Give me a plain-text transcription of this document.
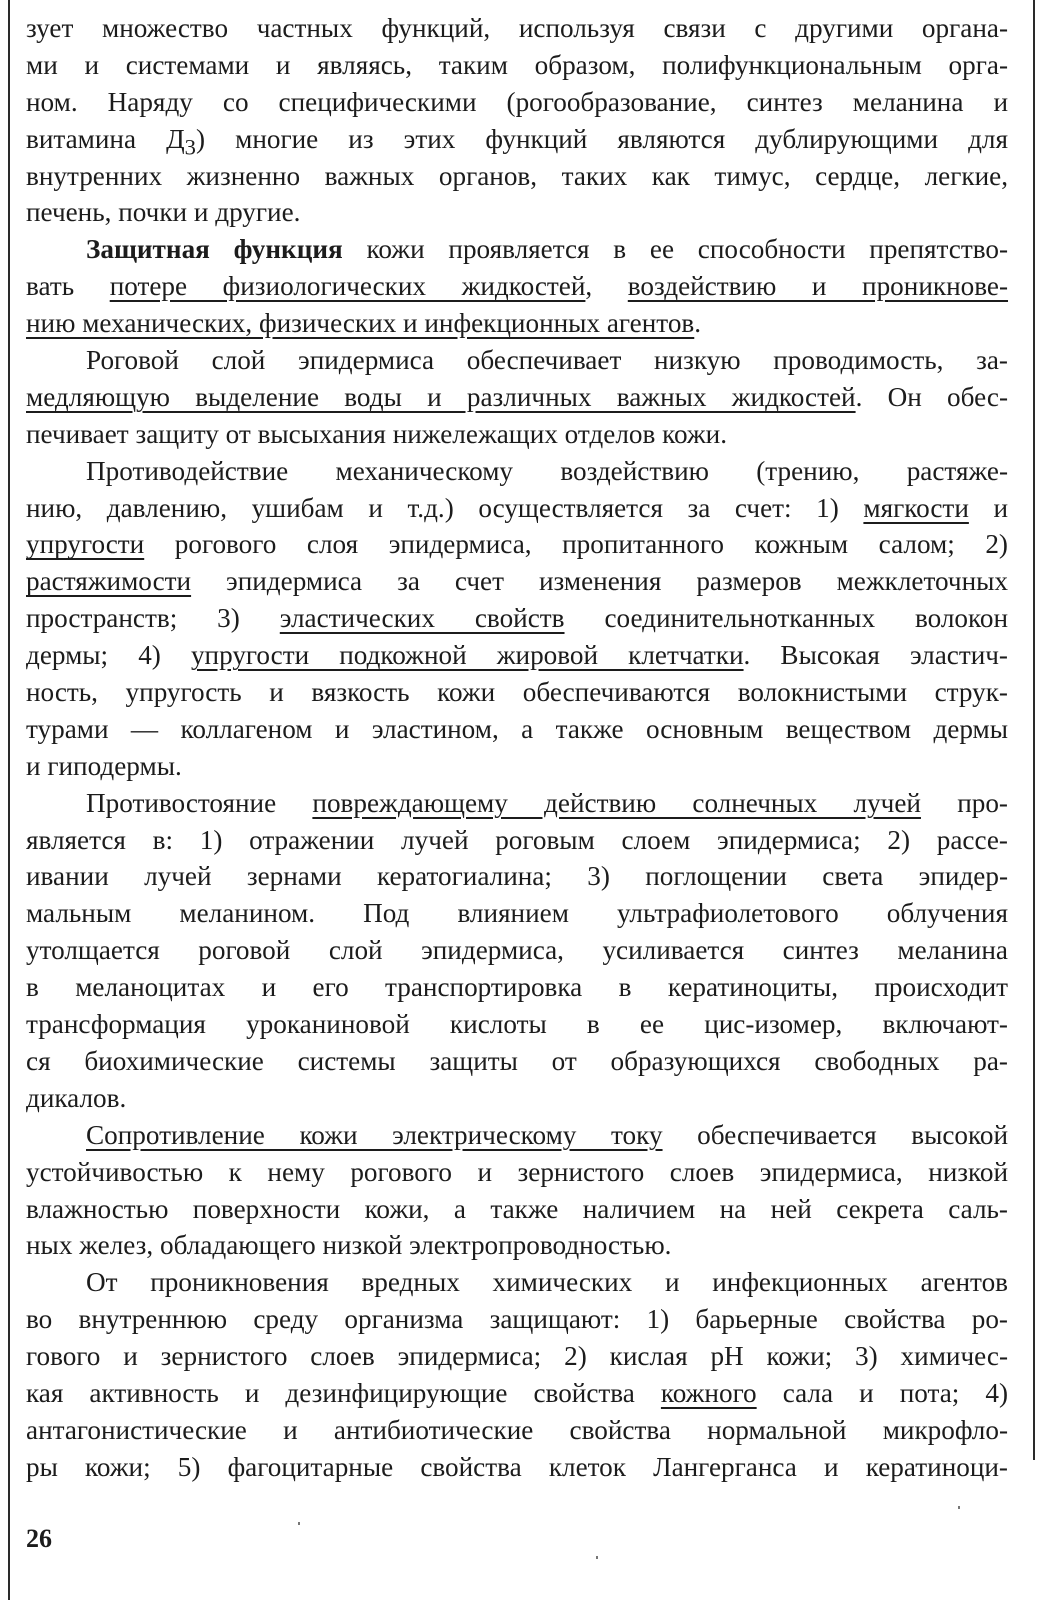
зует множество частных функций, используя связи с другими органа-
ми и системами и являясь, таким образом, полифункциональным орга-
ном. Наряду со специфическими (рогообразование, синтез меланина и
витамина $Д_3$) многие из этих функций являются дублирующими для
внутренних жизненно важных органов, таких как тимус, сердце, легкие,
печень, почки и другие.
Защитная функция кожи проявляется в ее способности препятство-
вать потере физиологических жидкостей, воздействию и проникнове-
нию механических, физических и инфекционных агентов.
Роговой слой эпидермиса обеспечивает низкую проводимость, за-
медляющую выделение воды и различных важных жидкостей. Он обес-
печивает защиту от высыхания нижележащих отделов кожи.
Противодействие механическому воздействию (трению, растяже-
нию, давлению, ушибам и т.д.) осуществляется за счет: 1) мягкости и
упругости рогового слоя эпидермиса, пропитанного кожным салом; 2)
растяжимости эпидермиса за счет изменения размеров межклеточных
пространств; 3) эластических свойств соединительнотканных волокон
дермы; 4) упругости подкожной жировой клетчатки. Высокая эластич-
ность, упругость и вязкость кожи обеспечиваются волокнистыми струк-
турами — коллагеном и эластином, а также основным веществом дермы
и гиподермы.
Противостояние повреждающему действию солнечных лучей про-
является в: 1) отражении лучей роговым слоем эпидермиса; 2) рассе-
ивании лучей зернами кератогиалина; 3) поглощении света эпидер-
мальным меланином. Под влиянием ультрафиолетового облучения
утолщается роговой слой эпидермиса, усиливается синтез меланина
в меланоцитах и его транспортировка в кератиноциты, происходит
трансформация уроканиновой кислоты в ее цис-изомер, включают-
ся биохимические системы защиты от образующихся свободных ра-
дикалов.
Сопротивление кожи электрическому току обеспечивается высокой
устойчивостью к нему рогового и зернистого слоев эпидермиса, низкой
влажностью поверхности кожи, а также наличием на ней секрета саль-
ных желез, обладающего низкой электропроводностью.
От проникновения вредных химических и инфекционных агентов
во внутреннюю среду организма защищают: 1) барьерные свойства ро-
гового и зернистого слоев эпидермиса; 2) кислая pH кожи; 3) химичес-
кая активность и дезинфицирующие свойства кожного сала и пота; 4)
антагонистические и антибиотические свойства нормальной микрофло-
ры кожи; 5) фагоцитарные свойства клеток Лангерганса и кератиноци-
26
